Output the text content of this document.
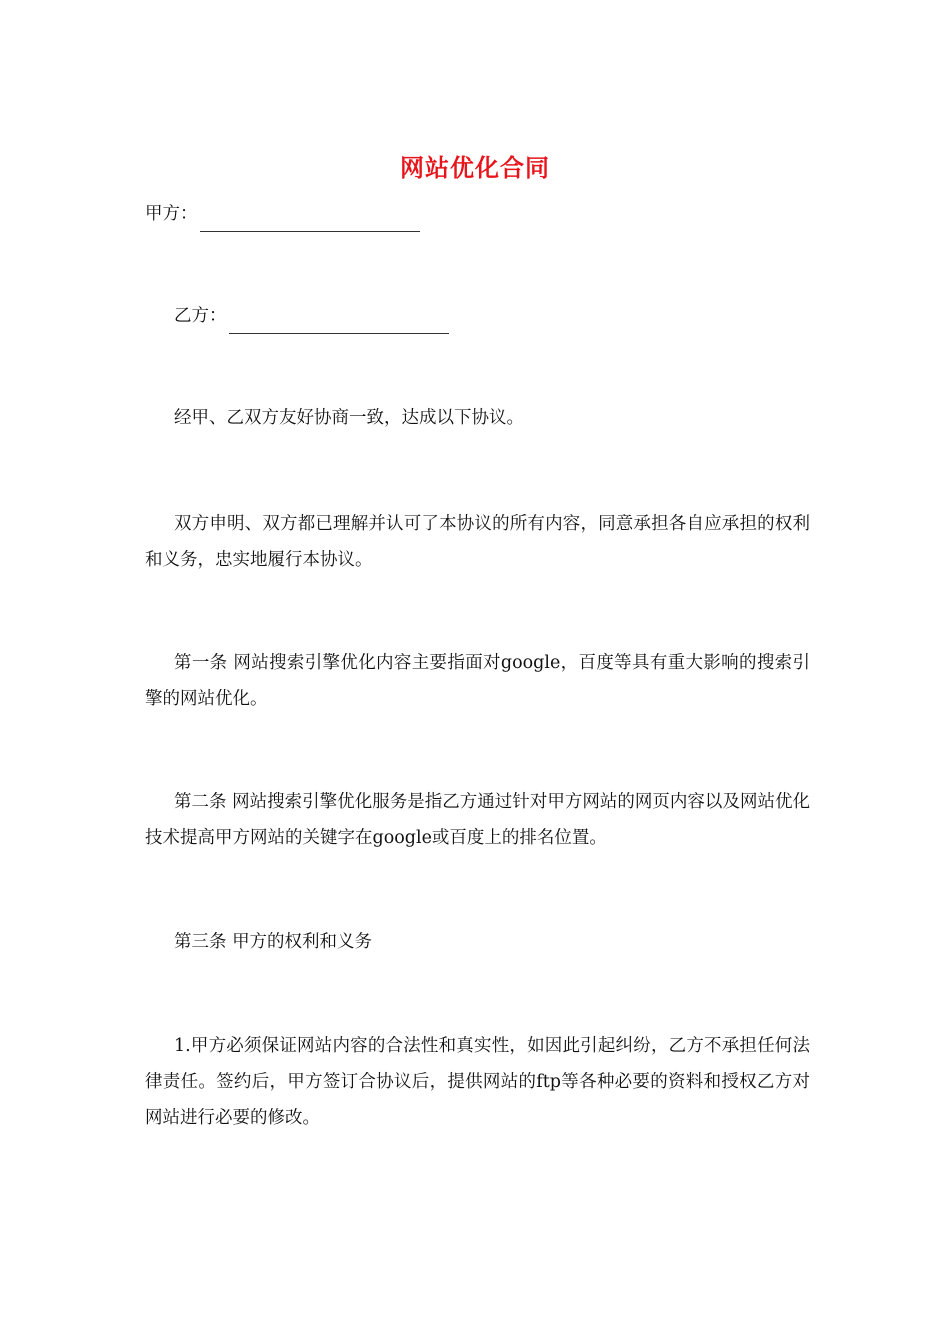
网站优化合同
甲方：
乙方：
经甲、乙双方友好协商一致，达成以下协议。
双方申明、双方都已理解并认可了本协议的所有内容，同意承担各自应承担的权利和义务，忠实地履行本协议。
第一条 网站搜索引擎优化内容主要指面对google，百度等具有重大影响的搜索引擎的网站优化。
第二条 网站搜索引擎优化服务是指乙方通过针对甲方网站的网页内容以及网站优化技术提高甲方网站的关键字在google或百度上的排名位置。
第三条 甲方的权利和义务
1.甲方必须保证网站内容的合法性和真实性，如因此引起纠纷，乙方不承担任何法律责任。签约后，甲方签订合协议后，提供网站的ftp等各种必要的资料和授权乙方对网站进行必要的修改。
